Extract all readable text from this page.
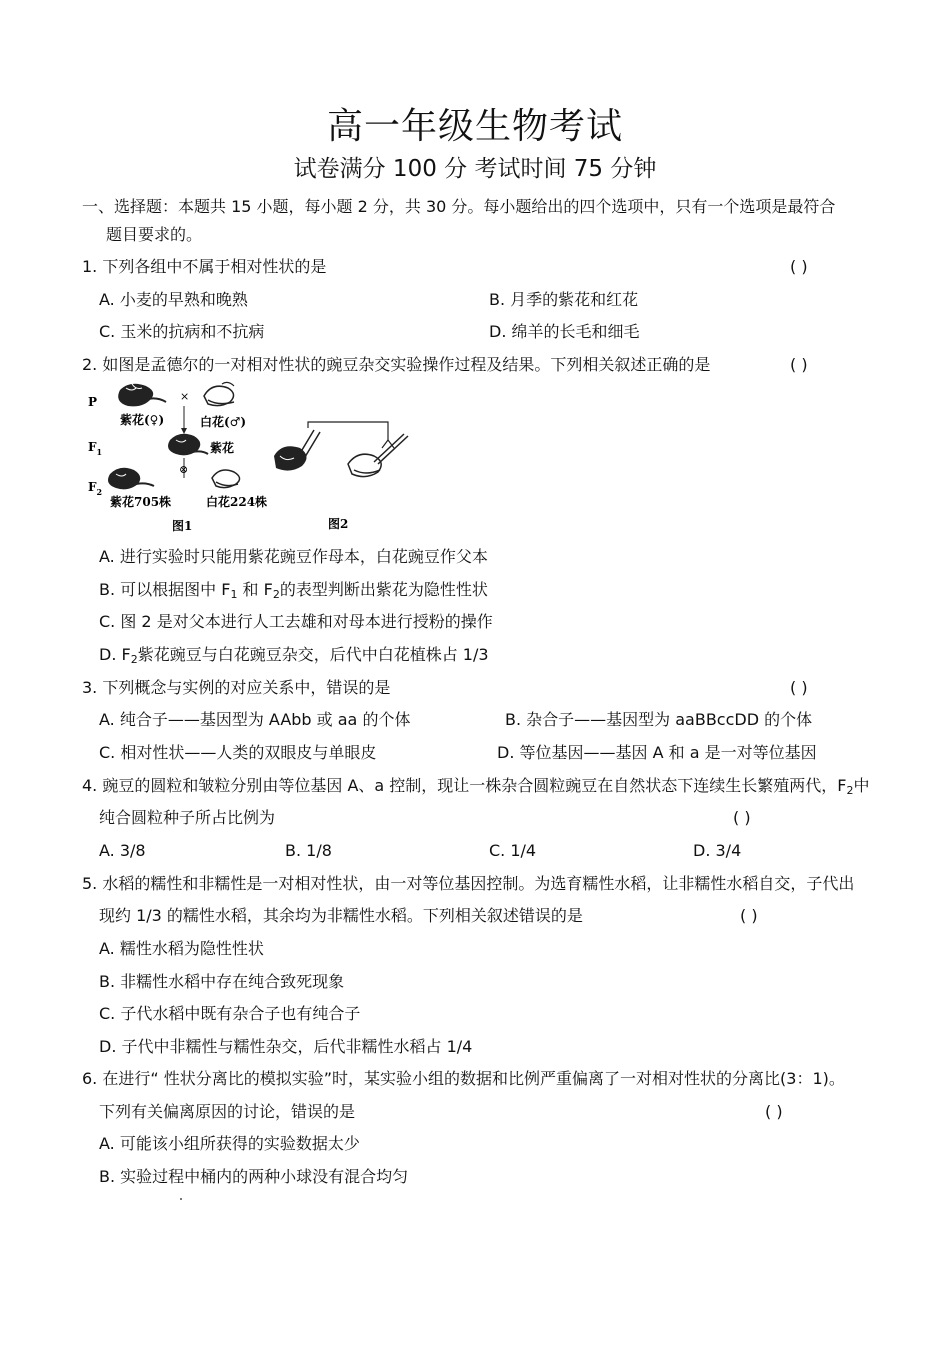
高一年级生物考试
试卷满分 100 分 考试时间 75 分钟
一、选择题：本题共 15 小题，每小题 2 分，共 30 分。每小题给出的四个选项中，只有一个选项是最符合
题目要求的。
1. 下列各组中不属于相对性状的是	( )
A. 小麦的早熟和晚熟	B. 月季的紫花和红花
C. 玉米的抗病和不抗病	D. 绵羊的长毛和细毛
2. 如图是孟德尔的一对相对性状的豌豆杂交实验操作过程及结果。下列相关叙述正确的是	( )
P
$F_1$
$F_2$
紫花(♀)
×
白花(♂)
紫花
⊗
紫花705株	白花224株
图1	图2
A. 进行实验时只能用紫花豌豆作母本，白花豌豆作父本
B. 可以根据图中 $F_1$ 和 $F_2$的表型判断出紫花为隐性性状
C. 图 2 是对父本进行人工去雄和对母本进行授粉的操作
D. $F_2$紫花豌豆与白花豌豆杂交，后代中白花植株占 1/3
3. 下列概念与实例的对应关系中，错误的是	( )
A. 纯合子——基因型为 AAbb 或 aa 的个体	B. 杂合子——基因型为 aaBBccDD 的个体
C. 相对性状——人类的双眼皮与单眼皮	D. 等位基因——基因 A 和 a 是一对等位基因
4. 豌豆的圆粒和皱粒分别由等位基因 A、a 控制，现让一株杂合圆粒豌豆在自然状态下连续生长繁殖两代，$F_2$中
纯合圆粒种子所占比例为	( )
A. 3/8	B. 1/8	C. 1/4	D. 3/4
5. 水稻的糯性和非糯性是一对相对性状，由一对等位基因控制。为选育糯性水稻，让非糯性水稻自交，子代出
现约 1/3 的糯性水稻，其余均为非糯性水稻。下列相关叙述错误的是	( )
A. 糯性水稻为隐性性状
B. 非糯性水稻中存在纯合致死现象
C. 子代水稻中既有杂合子也有纯合子
D. 子代中非糯性与糯性杂交，后代非糯性水稻占 1/4
6. 在进行“ 性状分离比的模拟实验”时，某实验小组的数据和比例严重偏离了一对相对性状的分离比(3：1)。
下列有关偏离原因的讨论，错误的是	( )
A. 可能该小组所获得的实验数据太少
B. 实验过程中桶内的两种小球没有混合均匀
